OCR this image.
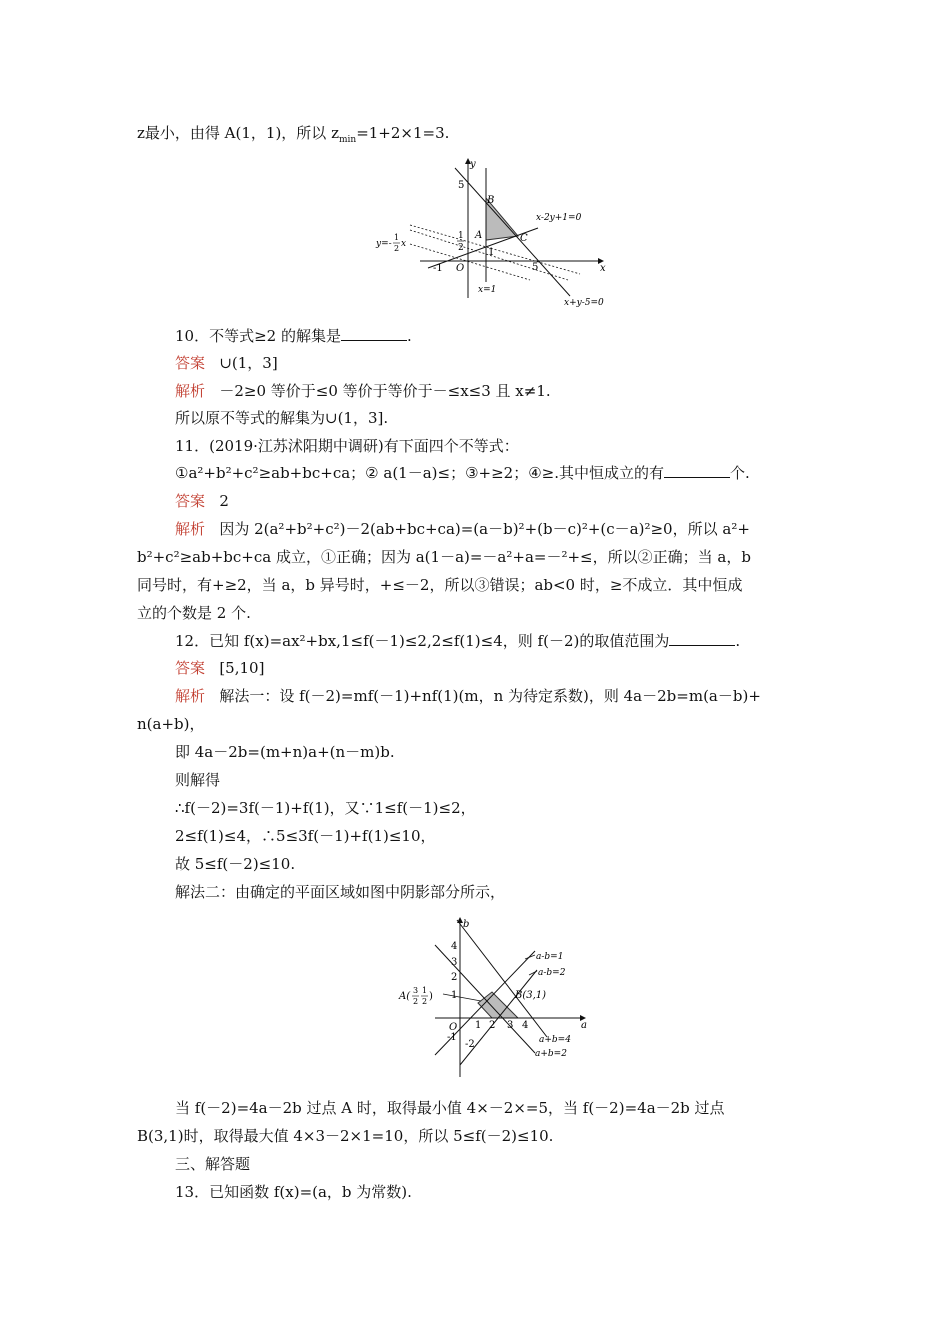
z最小，由得 A(1，1)，所以 $z_{min}=1+2\times 1=3$.
y
x
O
5
1
2
-1
1
5
B
A	C
x-2y+1=0
x+y-5=0
x=1
y=-
1
2 x
10．不等式≥2 的解集是	.
答案 ∪(1，3]
解析 －2≥0 等价于≤0 等价于等价于－≤x≤3 且 x≠1.
所以原不等式的解集为∪(1，3].
11．(2019·江苏沭阳期中调研)有下面四个不等式：
①a²+b²+c²≥ab+bc+ca；② a(1－a)≤；③+≥2；④≥.其中恒成立的有	个.
答案 2
解析 因为 2(a²+b²+c²)－2(ab+bc+ca)=(a－b)²+(b－c)²+(c－a)²≥0，所以 a²+
b²+c²≥ab+bc+ca 成立，①正确；因为 a(1－a)=－a²+a=－²+≤，所以②正确；当 a，b
同号时，有+≥2，当 a，b 异号时，+≤－2，所以③错误；ab<0 时，≥不成立．其中恒成
立的个数是 2 个.
12．已知 f(x)=ax²+bx,1≤f(－1)≤2,2≤f(1)≤4，则 f(－2)的取值范围为	.
答案 [5,10]
解析 解法一：设 f(－2)=mf(－1)+nf(1)(m，n 为待定系数)，则 4a－2b=m(a－b)+
n(a+b)，
即 4a－2b=(m+n)a+(n－m)b.
则解得
∴f(－2)=3f(－1)+f(1)，又∵1≤f(－1)≤2，
2≤f(1)≤4，∴5≤3f(－1)+f(1)≤10，
故 5≤f(－2)≤10.
解法二：由确定的平面区域如图中阴影部分所示，
b
a
O
4
3
2
1
-1
-2
1 2 3 4
a-b=1
a-b=2
a+b=4
a+b=2
A(
3
2
1
2 )	B(3,1)
当 f(－2)=4a－2b 过点 A 时，取得最小值 4×－2×=5，当 f(－2)=4a－2b 过点
B(3,1)时，取得最大值 4×3－2×1=10，所以 5≤f(－2)≤10.
三、解答题
13．已知函数 f(x)=(a，b 为常数).
